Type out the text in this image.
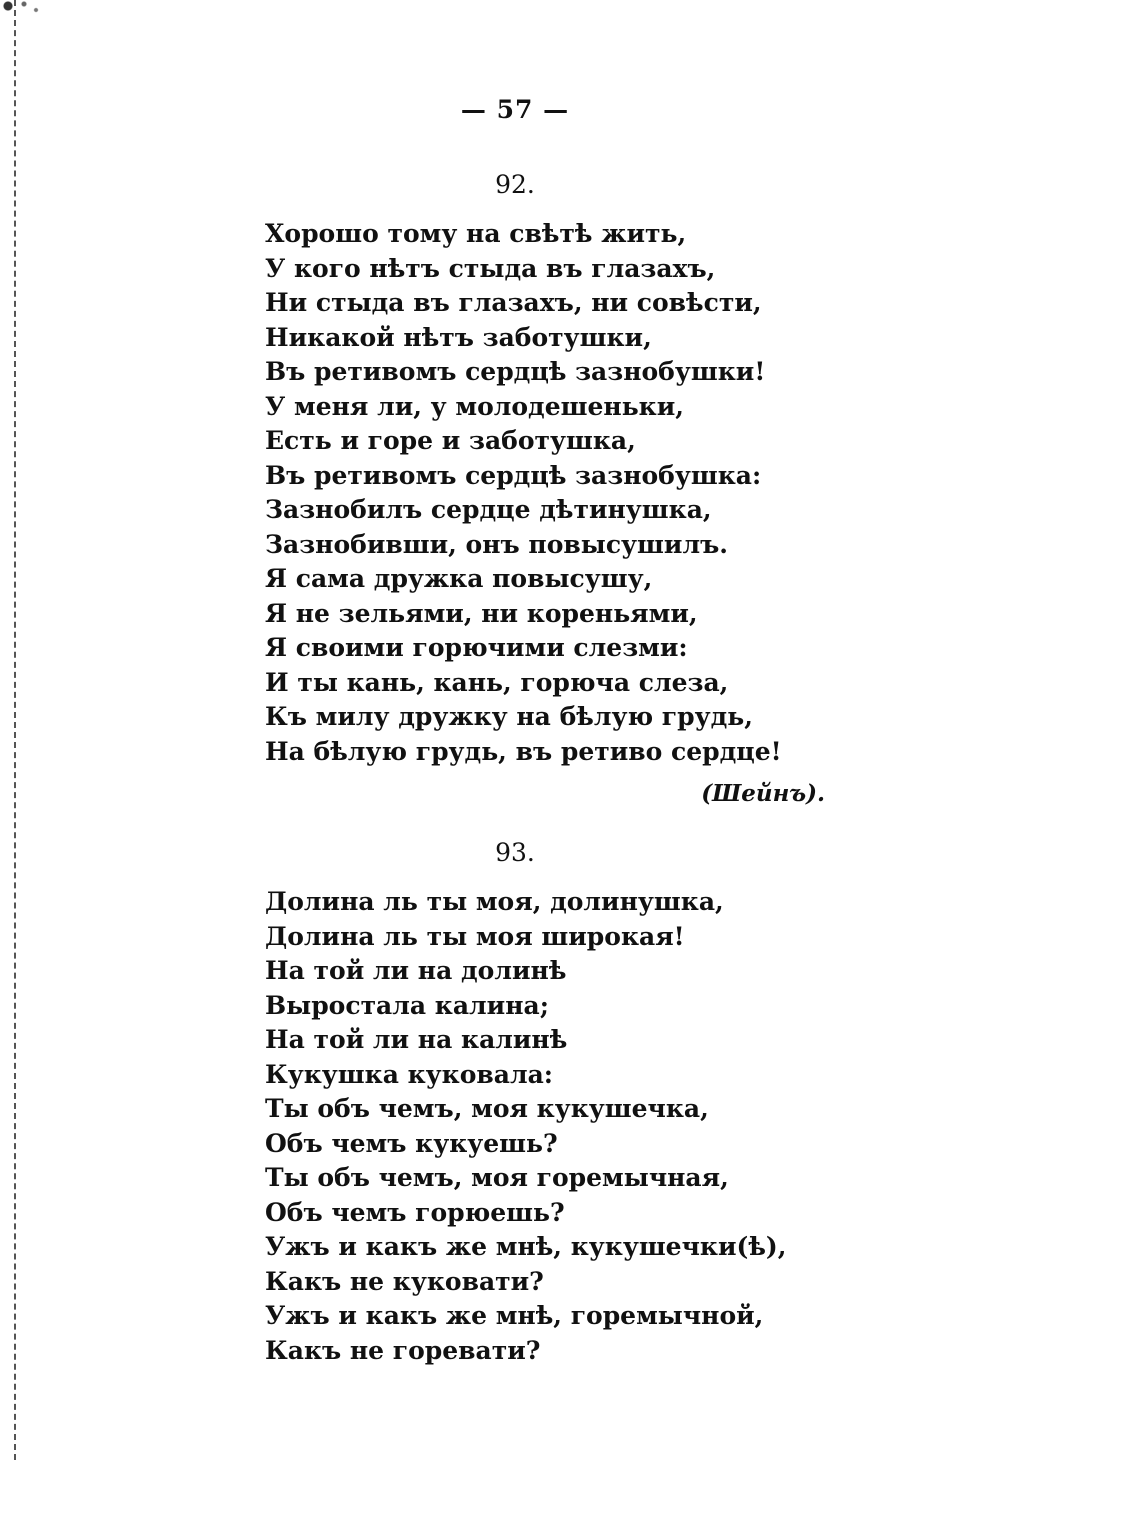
— 57 —
92.
Хорошо тому на свѣтѣ жить,
У кого нѣтъ стыда въ глазахъ,
Ни стыда въ глазахъ, ни совѣсти,
Никакой нѣтъ заботушки,
Въ ретивомъ сердцѣ зазнобушки!
У меня ли, у молодешеньки,
Есть и горе и заботушка,
Въ ретивомъ сердцѣ зазнобушка:
Зазнобилъ сердце дѣтинушка,
Зазнобивши, онъ повысушилъ.
Я сама дружка повысушу,
Я не зельями, ни кореньями,
Я своими горючими слезми:
И ты кань, кань, горюча слеза,
Къ милу дружку на бѣлую грудь,
На бѣлую грудь, въ ретиво сердце!
(Шейнъ).
93.
Долина ль ты моя, долинушка,
Долина ль ты моя широкая!
На той ли на долинѣ
Выростала калина;
На той ли на калинѣ
Кукушка куковала:
Ты объ чемъ, моя кукушечка,
Объ чемъ кукуешь?
Ты объ чемъ, моя горемычная,
Объ чемъ горюешь?
Ужъ и какъ же мнѣ, кукушечки(ѣ),
Какъ не куковати?
Ужъ и какъ же мнѣ, горемычной,
Какъ не горевати?
